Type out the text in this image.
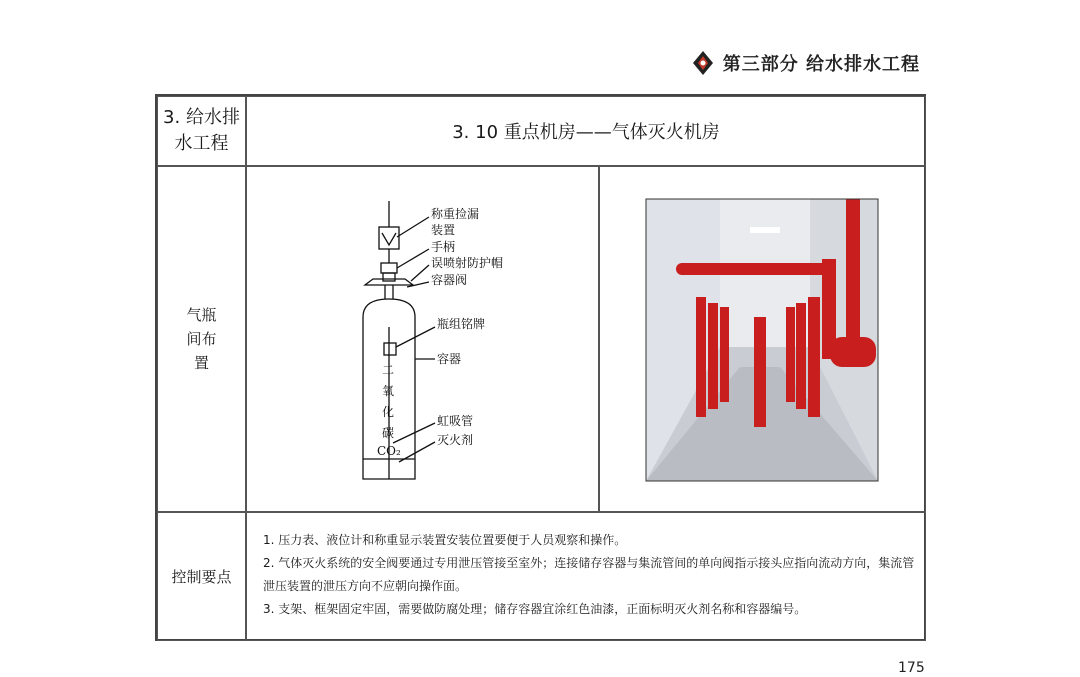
第三部分 给水排水工程
3. 给水排水工程
3. 10 重点机房——气体灭火机房
气瓶间布置
称重捡漏
装置
手柄
误喷射防护帽
容器阀
瓶组铭牌
容器
虹吸管
灭火剂
二
氧
化
碳
CO₂
控制要点

1. 压力表、液位计和称重显示装置安装位置要便于人员观察和操作。

2. 气体灭火系统的安全阀要通过专用泄压管接至室外；连接储存容器与集流管间的单向阀指示接头应指向流动方向，集流管泄压装置的泄压方向不应朝向操作面。

3. 支架、框架固定牢固，需要做防腐处理；储存容器宜涂红色油漆，正面标明灭火剂名称和容器编号。

175
